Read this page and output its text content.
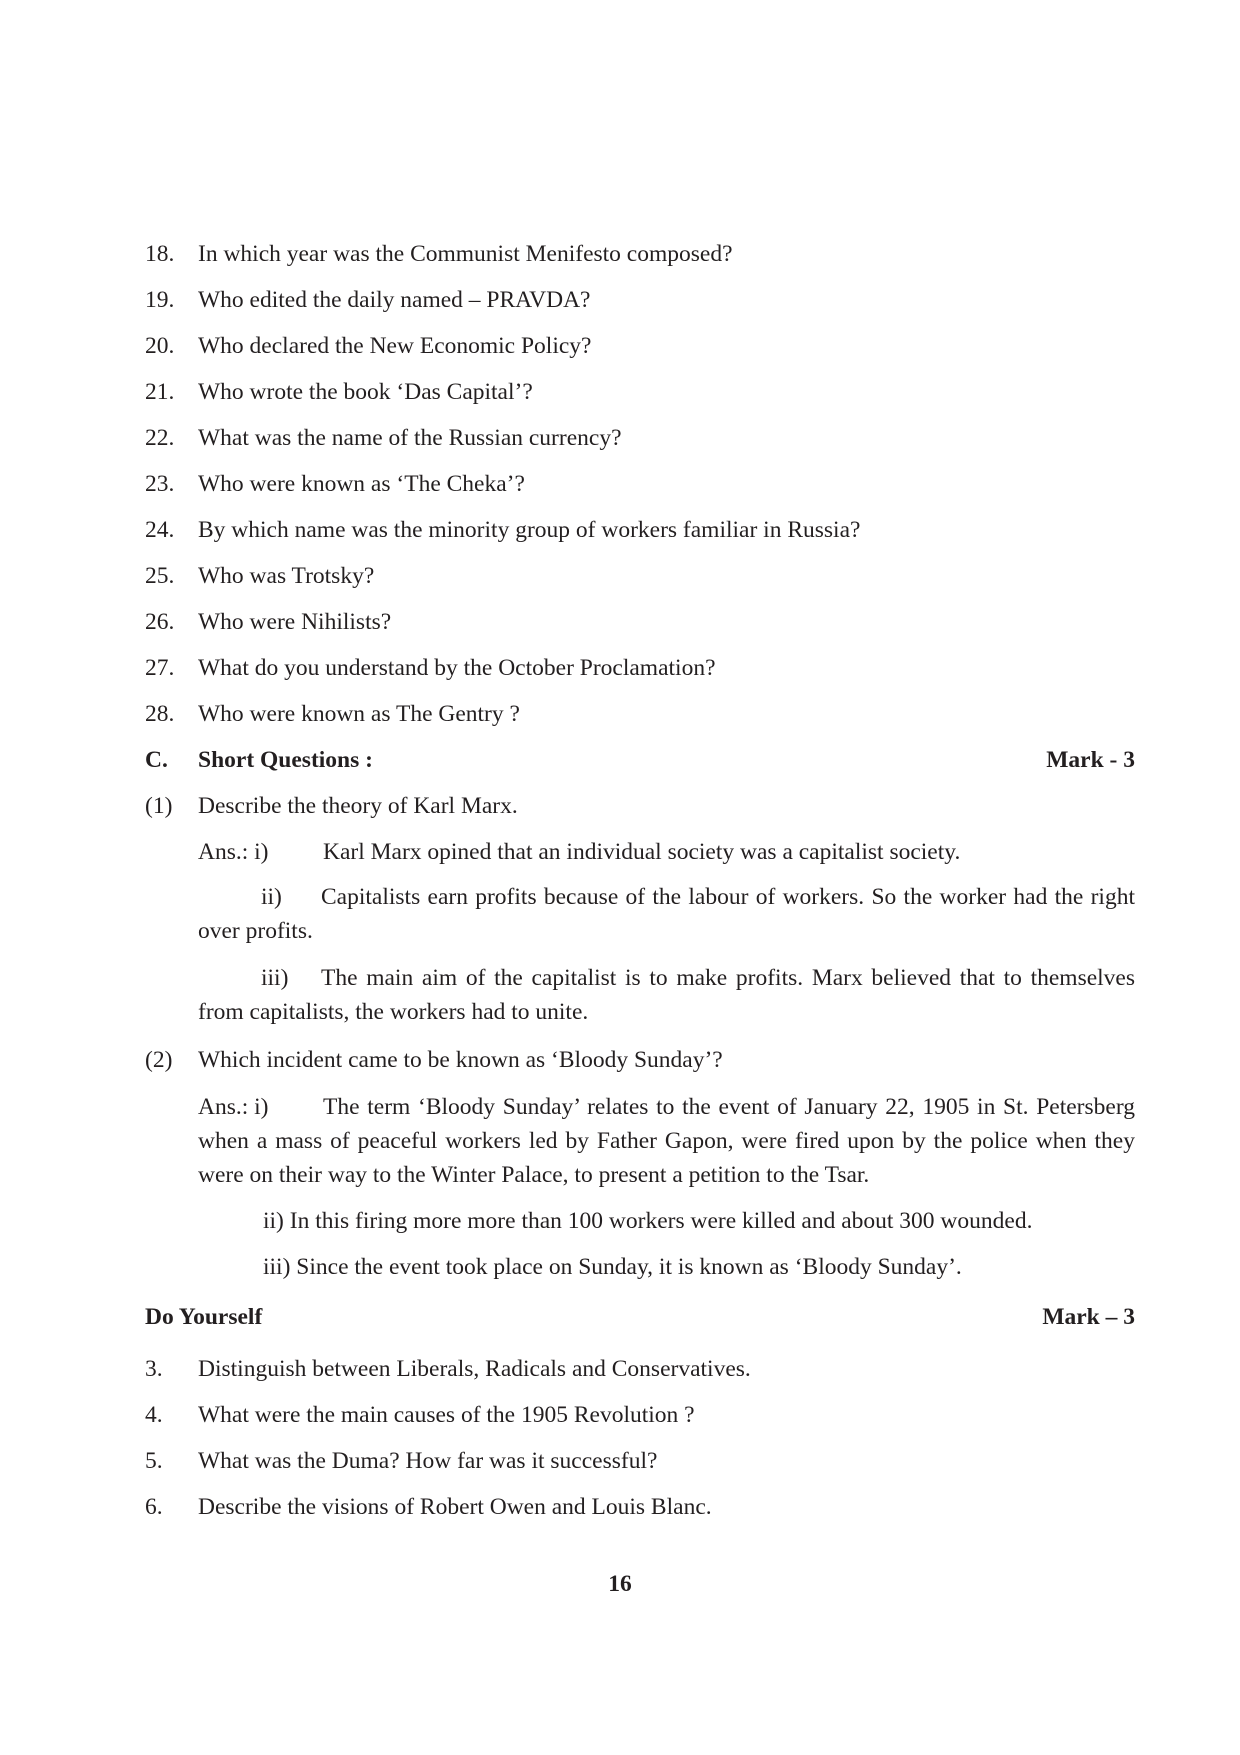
18. In which year was the Communist Menifesto composed?
19. Who edited the daily named – PRAVDA?
20. Who declared the New Economic Policy?
21. Who wrote the book ‘Das Capital’?
22. What was the name of the Russian currency?
23. Who were known as ‘The Cheka’?
24. By which name was the minority group of workers familiar in Russia?
25. Who was Trotsky?
26. Who were Nihilists?
27. What do you understand by the October Proclamation?
28. Who were known as The Gentry ?
C. Short Questions :	Mark - 3
(1) Describe the theory of Karl Marx.
Ans.: i)	Karl Marx opined that an individual society was a capitalist society.
ii) Capitalists earn profits because of the labour of workers. So the worker had the right over profits.
iii) The main aim of the capitalist is to make profits. Marx believed that to themselves from capitalists, the workers had to unite.
(2) Which incident came to be known as ‘Bloody Sunday’?
Ans.: i)	The term ‘Bloody Sunday’ relates to the event of January 22, 1905 in St. Petersberg when a mass of peaceful workers led by Father Gapon, were fired upon by the police when they were on their way to the Winter Palace, to present a petition to the Tsar.
ii) In this firing more more than 100 workers were killed and about 300 wounded.
iii) Since the event took place on Sunday, it is known as ‘Bloody Sunday’.
Do Yourself	Mark – 3
3. Distinguish between Liberals, Radicals and Conservatives.
4. What were the main causes of the 1905 Revolution ?
5. What was the Duma? How far was it successful?
6. Describe the visions of Robert Owen and Louis Blanc.
16
